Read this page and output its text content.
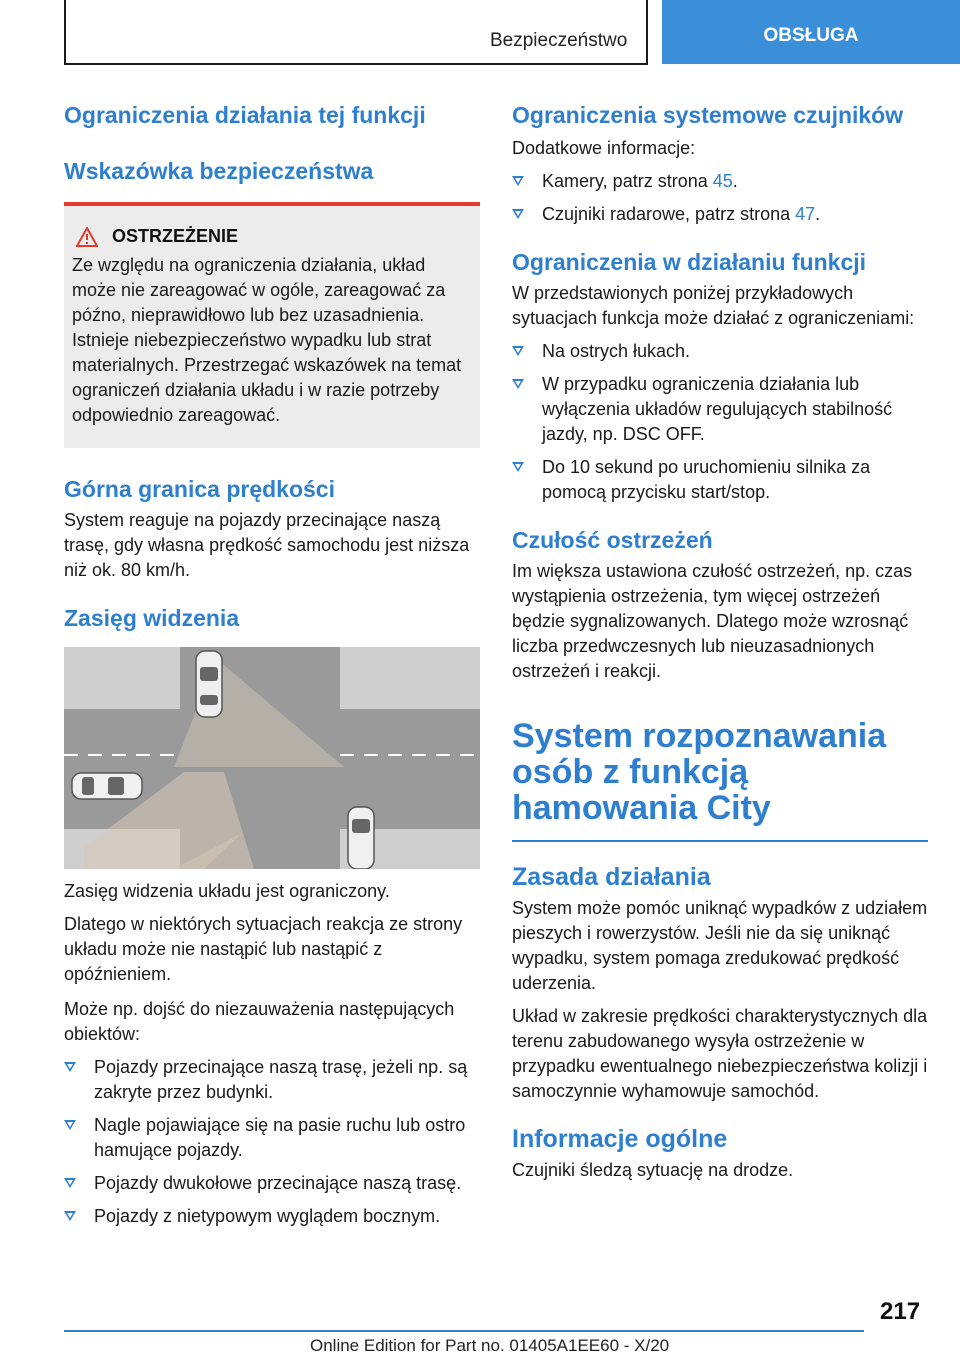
Bezpieczeństwo	OBSŁUGA
Ograniczenia działania tej funkcji
Wskazówka bezpieczeństwa
OSTRZEŻENIE

Ze względu na ograniczenia działania, układ może nie zareagować w ogóle, zareagować za późno, nieprawidłowo lub bez uzasadnienia. Istnieje niebezpieczeństwo wypadku lub strat materialnych. Przestrzegać wskazówek na temat ograniczeń działania układu i w razie potrzeby odpowiednio zareagować.

Górna granica prędkości

System reaguje na pojazdy przecinające naszą trasę, gdy własna prędkość samochodu jest niższa niż ok. 80 km/h.

Zasięg widzenia

Zasięg widzenia układu jest ograniczony.

Dlatego w niektórych sytuacjach reakcja ze strony układu może nie nastąpić lub nastąpić z opóźnieniem.

Może np. dojść do niezauważenia następujących obiektów:

Pojazdy przecinające naszą trasę, jeżeli np. są zakryte przez budynki.
Nagle pojawiające się na pasie ruchu lub ostro hamujące pojazdy.
Pojazdy dwukołowe przecinające naszą trasę.
Pojazdy z nietypowym wyglądem bocznym.
Ograniczenia systemowe czujników

Dodatkowe informacje:

Kamery, patrz strona 45.
Czujniki radarowe, patrz strona 47.
Ograniczenia w działaniu funkcji

W przedstawionych poniżej przykładowych sytuacjach funkcja może działać z ograniczeniami:

Na ostrych łukach.
W przypadku ograniczenia działania lub wyłączenia układów regulujących stabilność jazdy, np. DSC OFF.
Do 10 sekund po uruchomieniu silnika za pomocą przycisku start/stop.
Czułość ostrzeżeń

Im większa ustawiona czułość ostrzeżeń, np. czas wystąpienia ostrzeżenia, tym więcej ostrzeżeń będzie sygnalizowanych. Dlatego może wzrosnąć liczba przedwczesnych lub nieuzasadnionych ostrzeżeń i reakcji.

System rozpoznawania osób z funkcją hamowania City
Zasada działania

System może pomóc uniknąć wypadków z udziałem pieszych i rowerzystów. Jeśli nie da się uniknąć wypadku, system pomaga zredukować prędkość uderzenia.

Układ w zakresie prędkości charakterystycznych dla terenu zabudowanego wysyła ostrzeżenie w przypadku ewentualnego niebezpieczeństwa kolizji i samoczynnie wyhamowuje samochód.

Informacje ogólne

Czujniki śledzą sytuację na drodze.

217
Online Edition for Part no. 01405A1EE60 - X/20
